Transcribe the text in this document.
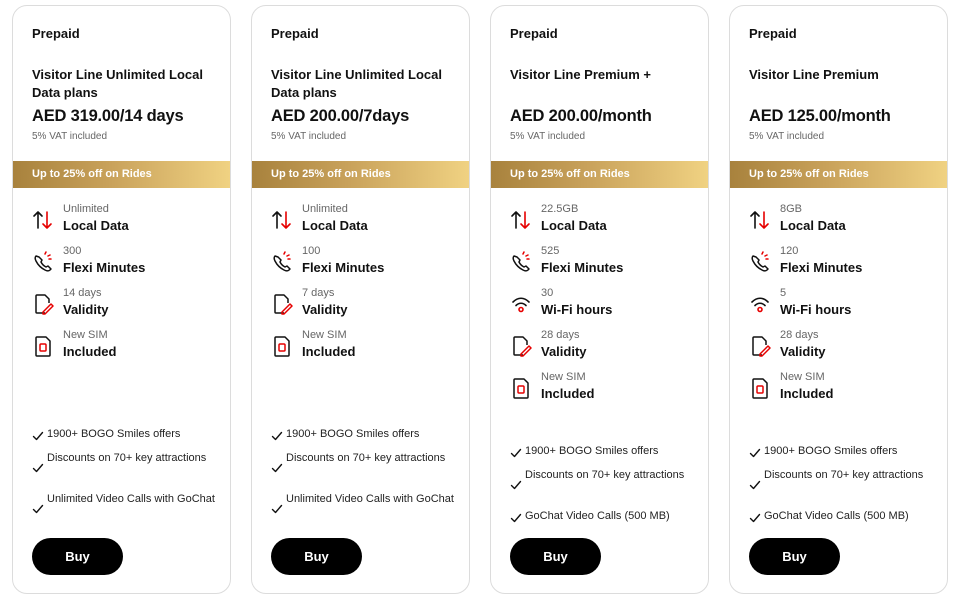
Prepaid
Visitor Line Unlimited Local Data plans
AED 319.00/14 days
5% VAT included
Up to 25% off on Rides
Unlimited
Local Data
300
Flexi Minutes
14 days
Validity
New SIM
Included
1900+ BOGO Smiles offers
Discounts on 70+ key attractions
Unlimited Video Calls with GoChat
Buy
Prepaid
Visitor Line Unlimited Local Data plans
AED 200.00/7days
5% VAT included
Up to 25% off on Rides
Unlimited
Local Data
100
Flexi Minutes
7 days
Validity
New SIM
Included
1900+ BOGO Smiles offers
Discounts on 70+ key attractions
Unlimited Video Calls with GoChat
Buy
Prepaid
Visitor Line Premium +
AED 200.00/month
5% VAT included
Up to 25% off on Rides
22.5GB
Local Data
525
Flexi Minutes
30
Wi-Fi hours
28 days
Validity
New SIM
Included
1900+ BOGO Smiles offers
Discounts on 70+ key attractions
GoChat Video Calls (500 MB)
Buy
Prepaid
Visitor Line Premium
AED 125.00/month
5% VAT included
Up to 25% off on Rides
8GB
Local Data
120
Flexi Minutes
5
Wi-Fi hours
28 days
Validity
New SIM
Included
1900+ BOGO Smiles offers
Discounts on 70+ key attractions
GoChat Video Calls (500 MB)
Buy
